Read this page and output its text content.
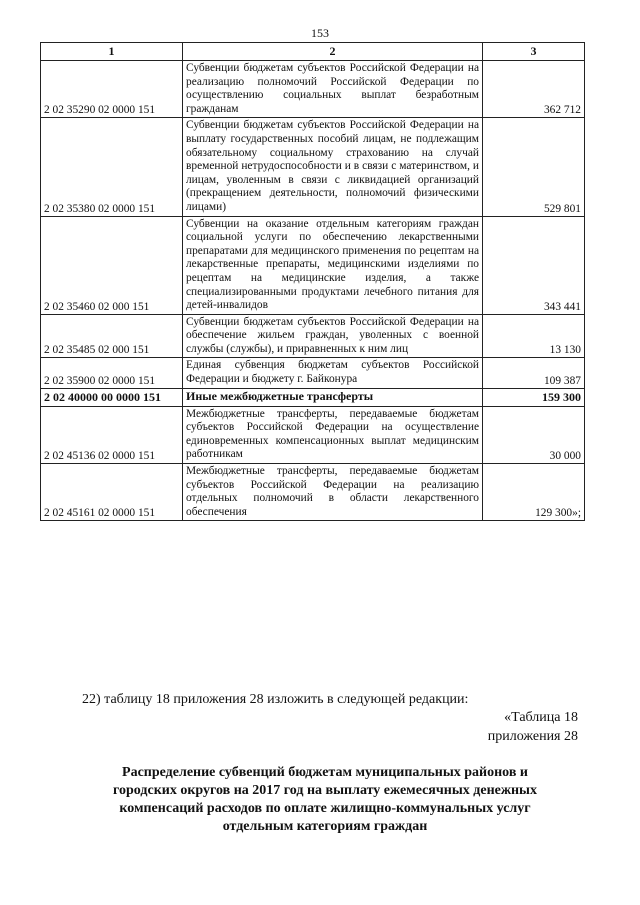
153
1	2	3
2 02 35290 02 0000 151	Субвенции бюджетам субъектов Российской Федерации на реализацию полномочий Российской Федерации по осуществлению социальных выплат безработным гражданам	362 712
2 02 35380 02 0000 151	Субвенции бюджетам субъектов Российской Федерации на выплату государственных пособий лицам, не подлежащим обязательному социальному страхованию на случай временной нетрудоспособности и в связи с материнством, и лицам, уволенным в связи с ликвидацией организаций (прекращением деятельности, полномочий физическими лицами)	529 801
2 02 35460 02 000 151	Субвенции на оказание отдельным категориям граждан социальной услуги по обеспечению лекарственными препаратами для медицинского применения по рецептам на лекарственные препараты, медицинскими изделиями по рецептам на медицинские изделия, а также специализированными продуктами лечебного питания для детей-инвалидов	343 441
2 02 35485 02 000 151	Субвенции бюджетам субъектов Российской Федерации на обеспечение жильем граждан, уволенных с военной службы (службы), и приравненных к ним лиц	13 130
2 02 35900 02 0000 151	Единая субвенция бюджетам субъектов Российской Федерации и бюджету г. Байконура	109 387
2 02 40000 00 0000 151	Иные межбюджетные трансферты	159 300
2 02 45136 02 0000 151	Межбюджетные трансферты, передаваемые бюджетам субъектов Российской Федерации на осуществление единовременных компенсационных выплат медицинским работникам	30 000
2 02 45161 02 0000 151	Межбюджетные трансферты, передаваемые бюджетам субъектов Российской Федерации на реализацию отдельных полномочий в области лекарственного обеспечения	129 300»;
22) таблицу 18 приложения 28 изложить в следующей редакции:
«Таблица 18
приложения 28
Распределение субвенций бюджетам муниципальных районов и городских округов на 2017 год на выплату ежемесячных денежных компенсаций расходов по оплате жилищно-коммунальных услуг отдельным категориям граждан
